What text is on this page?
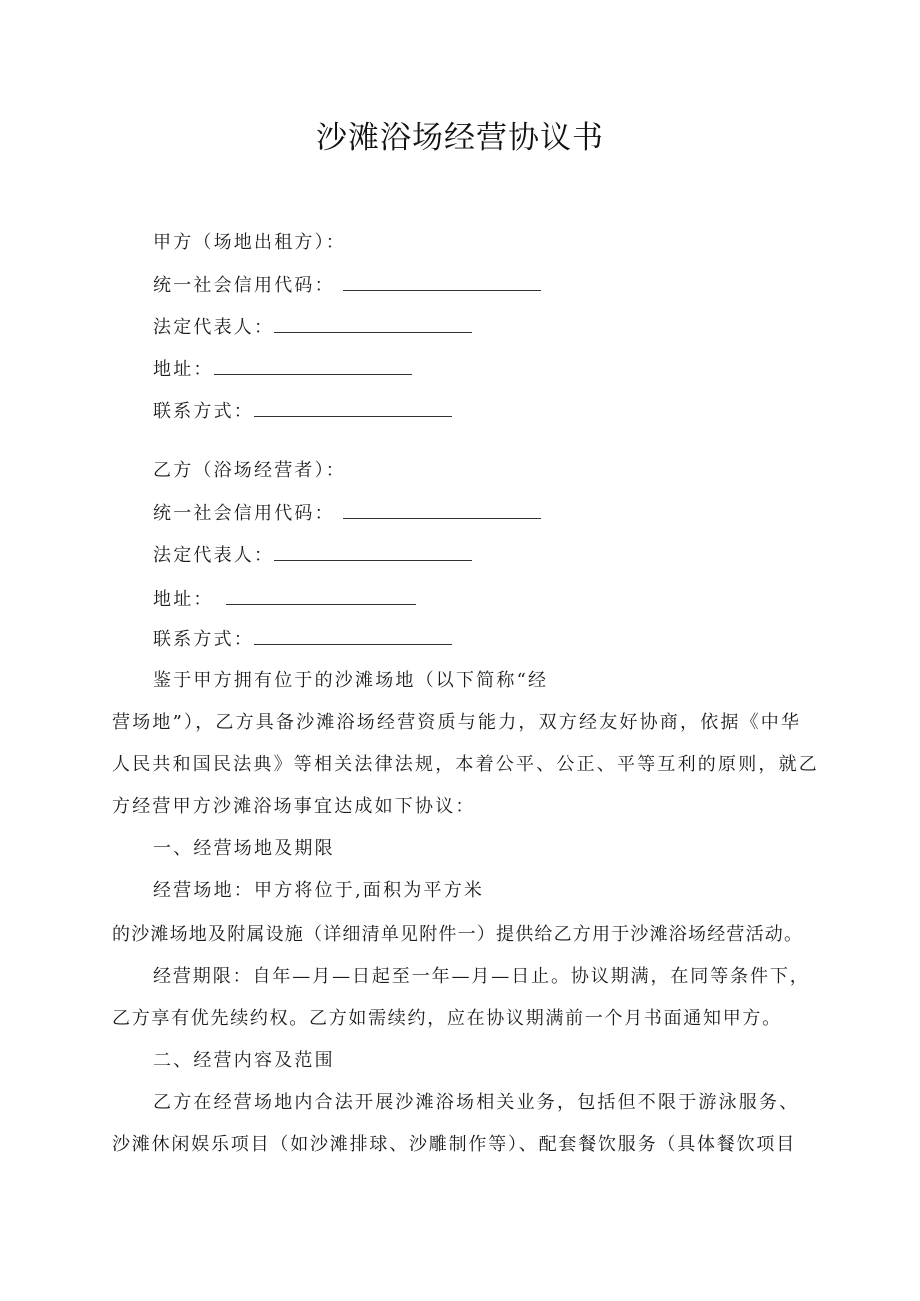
沙滩浴场经营协议书
甲方（场地出租方）：
统一社会信用代码：
法定代表人：
地址：
联系方式：
乙方（浴场经营者）：
统一社会信用代码：
法定代表人：
地址：
联系方式：
鉴于甲方拥有位于的沙滩场地（以下简称“经
营场地”），乙方具备沙滩浴场经营资质与能力，双方经友好协商，依据《中华
人民共和国民法典》等相关法律法规，本着公平、公正、平等互利的原则，就乙
方经营甲方沙滩浴场事宜达成如下协议：
一、经营场地及期限
经营场地：甲方将位于,面积为平方米
的沙滩场地及附属设施（详细清单见附件一）提供给乙方用于沙滩浴场经营活动。
经营期限：自年—月—日起至一年—月—日止。协议期满，在同等条件下，
乙方享有优先续约权。乙方如需续约，应在协议期满前一个月书面通知甲方。
二、经营内容及范围
乙方在经营场地内合法开展沙滩浴场相关业务，包括但不限于游泳服务、
沙滩休闲娱乐项目（如沙滩排球、沙雕制作等）、配套餐饮服务（具体餐饮项目
